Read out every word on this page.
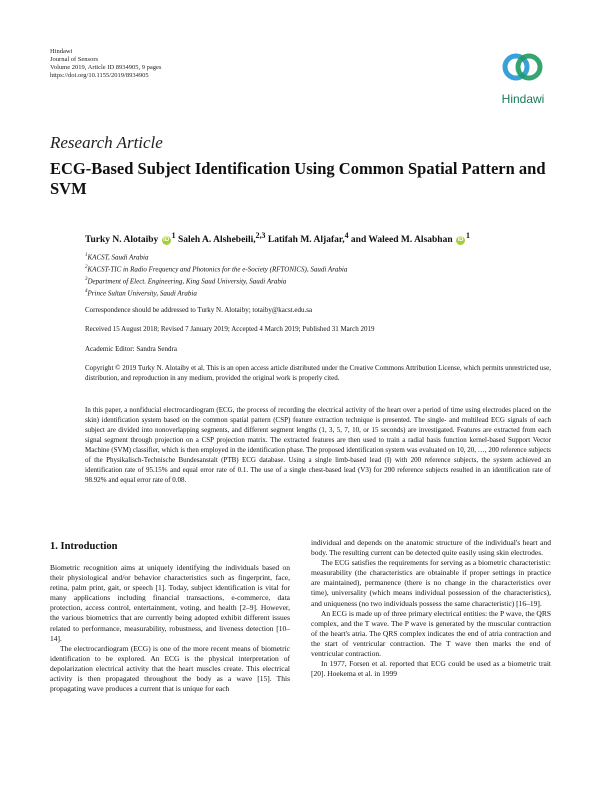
Hindawi
Journal of Sensors
Volume 2019, Article ID 8934905, 9 pages
https://doi.org/10.1155/2019/8934905
Hindawi
Research Article
ECG-Based Subject Identification Using Common Spatial Pattern and SVM
Turky N. Alotaiby $iD^1$ Saleh A. Alshebeili,$^{2,3}$ Latifah M. Aljafar,$^4$ and Waleed M. Alsabhan $iD^1$
$^1$KACST, Saudi Arabia
$^2$KACST-TIC in Radio Frequency and Photonics for the e-Society (RFTONICS), Saudi Arabia
$^3$Department of Elect. Engineering, King Saud University, Saudi Arabia
$^4$Prince Sultan University, Saudi Arabia
Correspondence should be addressed to Turky N. Alotaiby; totaiby@kacst.edu.sa
Received 15 August 2018; Revised 7 January 2019; Accepted 4 March 2019; Published 31 March 2019
Academic Editor: Sandra Sendra
Copyright © 2019 Turky N. Alotaiby et al. This is an open access article distributed under the Creative Commons Attribution License, which permits unrestricted use, distribution, and reproduction in any medium, provided the original work is properly cited.
In this paper, a nonfiducial electrocardiogram (ECG, the process of recording the electrical activity of the heart over a period of time using electrodes placed on the skin) identification system based on the common spatial pattern (CSP) feature extraction technique is presented. The single- and multilead ECG signals of each subject are divided into nonoverlapping segments, and different segment lengths (1, 3, 5, 7, 10, or 15 seconds) are investigated. Features are extracted from each signal segment through projection on a CSP projection matrix. The extracted features are then used to train a radial basis function kernel-based Support Vector Machine (SVM) classifier, which is then employed in the identification phase. The proposed identification system was evaluated on 10, 20, …, 200 reference subjects of the Physikalisch-Technische Bundesanstalt (PTB) ECG database. Using a single limb-based lead (I) with 200 reference subjects, the system achieved an identification rate of 95.15% and equal error rate of 0.1. The use of a single chest-based lead (V3) for 200 reference subjects resulted in an identification rate of 98.92% and equal error rate of 0.08.
1. Introduction

Biometric recognition aims at uniquely identifying the individuals based on their physiological and/or behavior characteristics such as fingerprint, face, retina, palm print, gait, or speech [1]. Today, subject identification is vital for many applications including financial transactions, e-commerce, data protection, access control, entertainment, voting, and health [2–9]. However, the various biometrics that are currently being adopted exhibit different issues related to performance, measurability, robustness, and liveness detection [10–14].

The electrocardiogram (ECG) is one of the more recent means of biometric identification to be explored. An ECG is the physical interpretation of depolarization electrical activity that the heart muscles create. This electrical activity is then propagated throughout the body as a wave [15]. This propagating wave produces a current that is unique for each

individual and depends on the anatomic structure of the individual's heart and body. The resulting current can be detected quite easily using skin electrodes.

The ECG satisfies the requirements for serving as a biometric characteristic: measurability (the characteristics are obtainable if proper settings in practice are maintained), permanence (there is no change in the characteristics over time), universality (which means individual possession of the characteristics), and uniqueness (no two individuals possess the same characteristic) [16–19].

An ECG is made up of three primary electrical entities: the P wave, the QRS complex, and the T wave. The P wave is generated by the muscular contraction of the heart's atria. The QRS complex indicates the end of atria contraction and the start of ventricular contraction. The T wave then marks the end of ventricular contraction.

In 1977, Forsen et al. reported that ECG could be used as a biometric trait [20]. Hoekema et al. in 1999
